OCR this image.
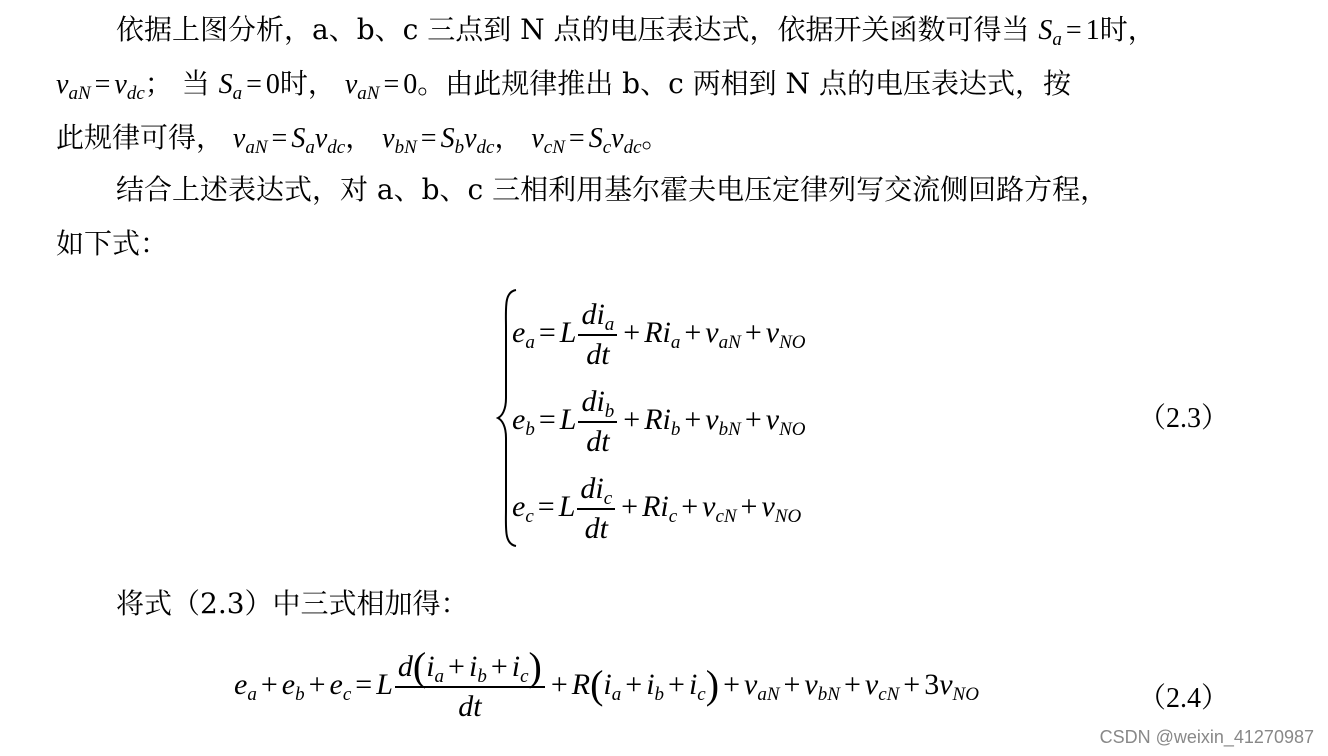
依据上图分析，a、b、c 三点到 N 点的电压表达式，依据开关函数可得当 $S_a = 1$时，
$v_{aN} = v_{dc}$； 当 $S_a = 0$时， $v_{aN} = 0$。由此规律推出 b、c 两相到 N 点的电压表达式，按
此规律可得， $v_{aN} = S_av_{dc}$， $v_{bN} = S_bv_{dc}$， $v_{cN} = S_cv_{dc}$。
结合上述表达式，对 a、b、c 三相利用基尔霍夫电压定律列写交流侧回路方程，
如下式：
$e_a = L \frac{di_a}{dt} + Ri_a + v_{aN} + v_{NO}$
$e_b = L \frac{di_b}{dt} + Ri_b + v_{bN} + v_{NO}$
$e_c = L \frac{di_c}{dt} + Ri_c + v_{cN} + v_{NO}$
（2.3）
将式（2.3）中三式相加得：
$e_a + e_b + e_c = L \frac{d(i_a + i_b + i_c)}{dt} + R(i_a + i_b + i_c) + v_{aN} + v_{bN} + v_{cN} + 3v_{NO}$	（2.4）
CSDN @weixin_41270987
